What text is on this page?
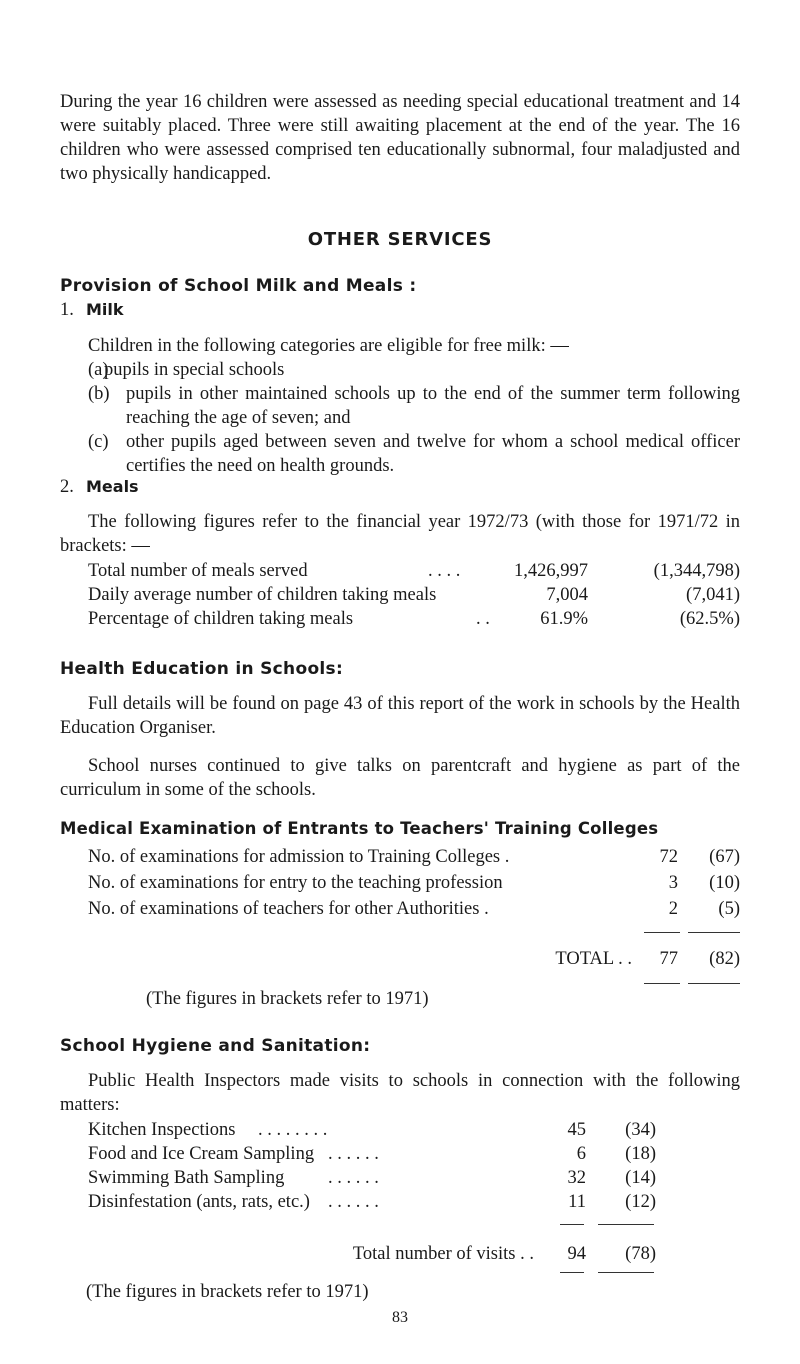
During the year 16 children were assessed as needing special educational treatment and 14 were suitably placed. Three were still awaiting placement at the end of the year. The 16 children who were assessed comprised ten educationally subnormal, four maladjusted and two physically handicapped.

OTHER SERVICES
Provision of School Milk and Meals :
1. Milk

Children in the following categories are eligible for free milk: —

(a)
pupils in special schools
(b) pupils in other maintained schools up to the end of the summer term following reaching the age of seven; and
(c) other pupils aged between seven and twelve for whom a school medical officer certifies the need on health grounds.
2. Meals

The following figures refer to the financial year 1972/73 (with those for 1971/72 in brackets: —

Total number of meals served	. . . .	1,426,997	(1,344,798)
Daily average number of children taking meals	7,004	(7,041)
Percentage of children taking meals	. .	61.9%	(62.5%)
Health Education in Schools:

Full details will be found on page 43 of this report of the work in schools by the Health Education Organiser.

School nurses continued to give talks on parentcraft and hygiene as part of the curriculum in some of the schools.

Medical Examination of Entrants to Teachers' Training Colleges
No. of examinations for admission to Training Colleges .	72	(67)
No. of examinations for entry to the teaching profession	3	(10)
No. of examinations of teachers for other Authorities .	2	(5)
TOTAL . .	77	(82)
(The figures in brackets refer to 1971)
School Hygiene and Sanitation:

Public Health Inspectors made visits to schools in connection with the following matters:

Kitchen Inspections . . . . . . . .	45	(34)
Food and Ice Cream Sampling . . . . . .	6	(18)
Swimming Bath Sampling . . . . . .	32	(14)
Disinfestation (ants, rats, etc.) . . . . . .	11	(12)
Total number of visits . .	94	(78)
(The figures in brackets refer to 1971)
83
